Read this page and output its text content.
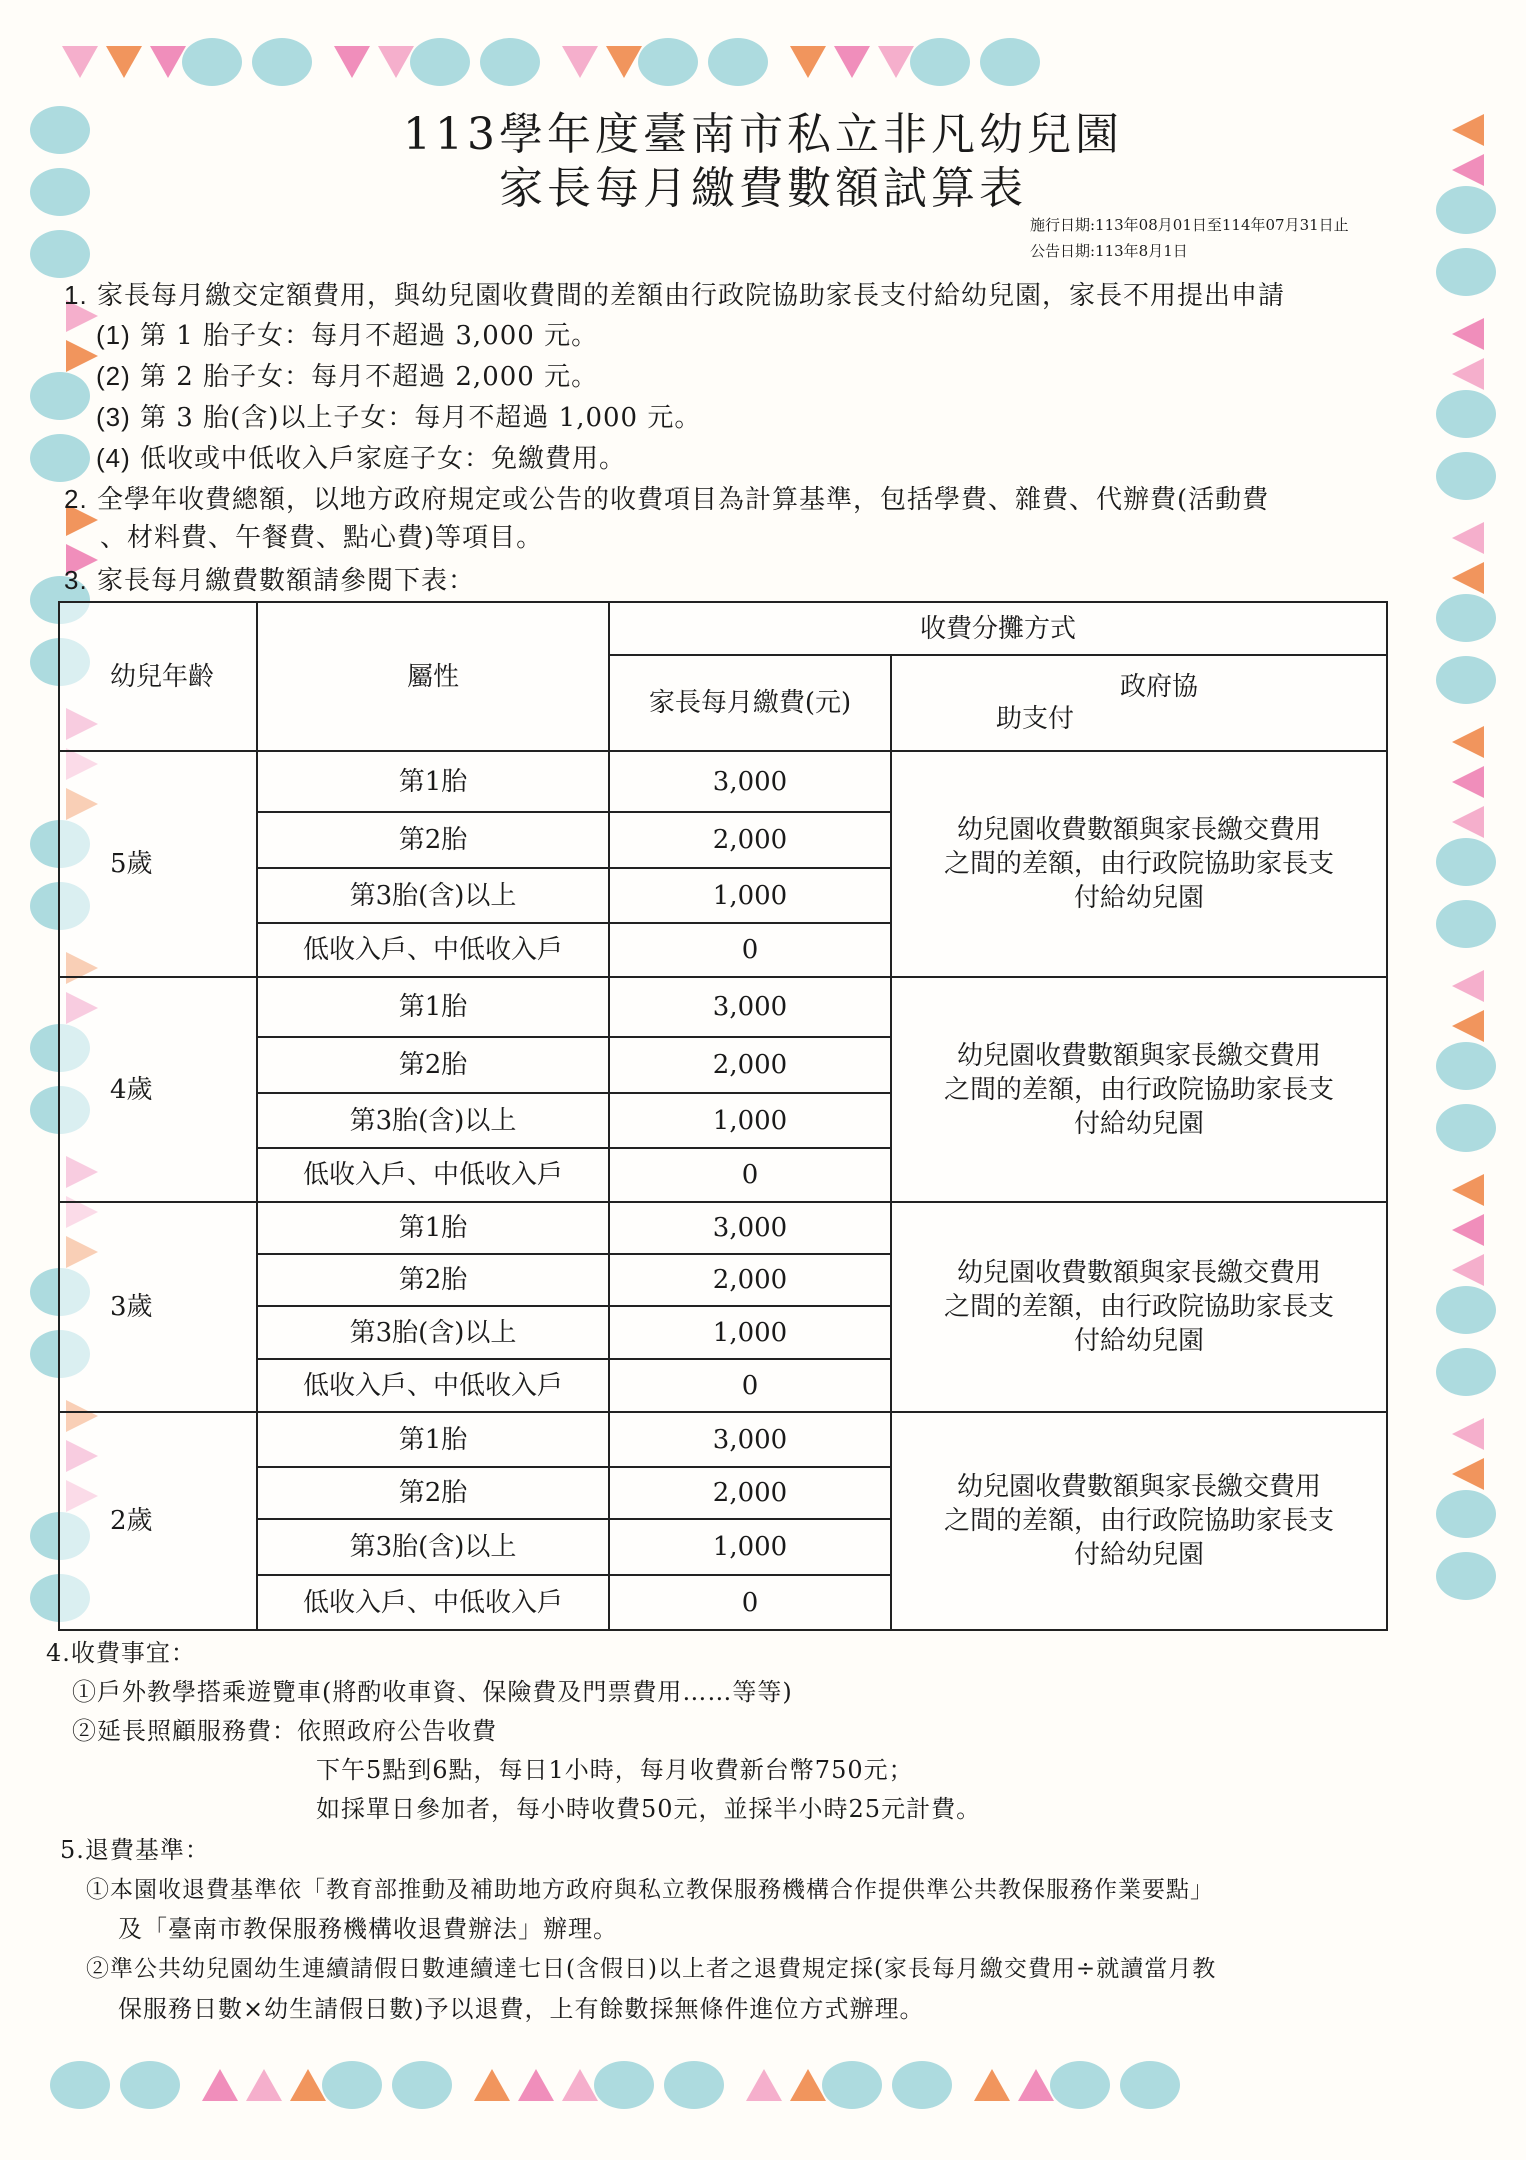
113學年度臺南市私立非凡幼兒園
家長每月繳費數額試算表
施行日期:113年08月01日至114年07月31日止
公告日期:113年8月1日
1. 家長每月繳交定額費用，與幼兒園收費間的差額由行政院協助家長支付給幼兒園，家長不用提出申請
(1) 第 1 胎子女：每月不超過 3,000 元。
(2) 第 2 胎子女：每月不超過 2,000 元。
(3) 第 3 胎(含)以上子女：每月不超過 1,000 元。
(4) 低收或中低收入戶家庭子女：免繳費用。
2. 全學年收費總額，以地方政府規定或公告的收費項目為計算基準，包括學費、雜費、代辦費(活動費
、材料費、午餐費、點心費)等項目。
3. 家長每月繳費數額請參閱下表：
幼兒年齡	屬性	收費分攤方式	
		家長每月繳費(元)	政府協
助支付

5歲	第1胎	3,000	幼兒園收費數額與家長繳交費用
之間的差額，由行政院協助家長支
付給幼兒園

	第2胎	2,000	
	第3胎(含)以上	1,000	
	低收入戶、中低收入戶	0	
4歲	第1胎	3,000	幼兒園收費數額與家長繳交費用
之間的差額，由行政院協助家長支
付給幼兒園

	第2胎	2,000	
	第3胎(含)以上	1,000	
	低收入戶、中低收入戶	0	
3歲	第1胎	3,000	幼兒園收費數額與家長繳交費用
之間的差額，由行政院協助家長支
付給幼兒園

	第2胎	2,000	
	第3胎(含)以上	1,000	
	低收入戶、中低收入戶	0	
2歲	第1胎	3,000	幼兒園收費數額與家長繳交費用
之間的差額，由行政院協助家長支
付給幼兒園

	第2胎	2,000	
	第3胎(含)以上	1,000	
	低收入戶、中低收入戶	0	
4.收費事宜：
①戶外教學搭乘遊覽車(將酌收車資、保險費及門票費用……等等)
②延長照顧服務費：依照政府公告收費
下午5點到6點，每日1小時，每月收費新台幣750元；
如採單日參加者，每小時收費50元，並採半小時25元計費。
5.退費基準：
①本園收退費基準依「教育部推動及補助地方政府與私立教保服務機構合作提供準公共教保服務作業要點」
及「臺南市教保服務機構收退費辦法」辦理。
②準公共幼兒園幼生連續請假日數連續達七日(含假日)以上者之退費規定採(家長每月繳交費用÷就讀當月教
保服務日數×幼生請假日數)予以退費，上有餘數採無條件進位方式辦理。
